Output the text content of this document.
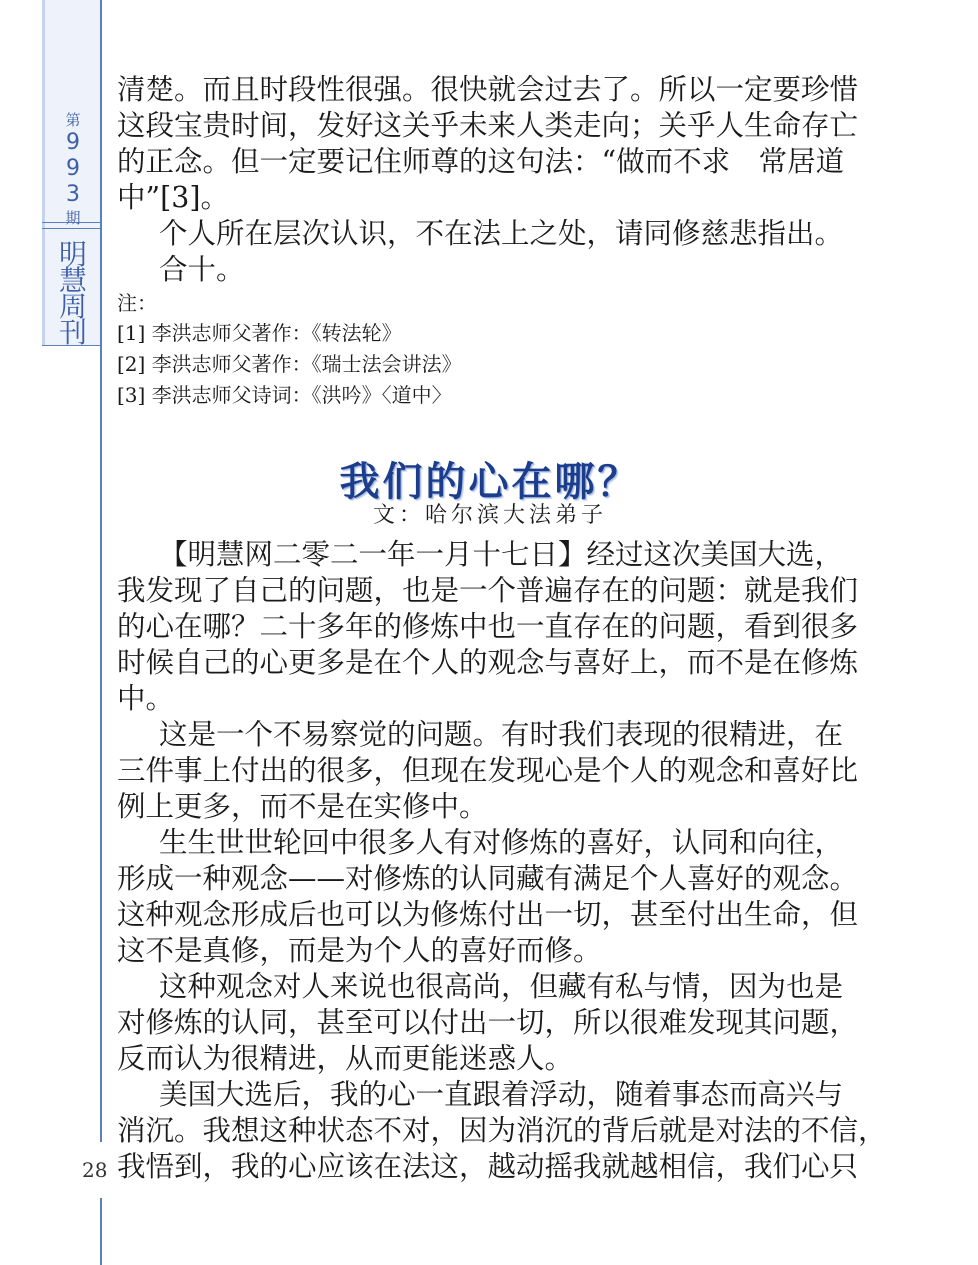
第
9
9
3
期
明
慧
周
刊
28

清楚。而且时段性很强。很快就会过去了。所以一定要珍惜

这段宝贵时间，发好这关乎未来人类走向；关乎人生命存亡

的正念。但一定要记住师尊的这句法：“做而不求　常居道

中”[3]。

个人所在层次认识，不在法上之处，请同修慈悲指出。

合十。

注：

[1] 李洪志师父著作：《转法轮》

[2] 李洪志师父著作：《瑞士法会讲法》

[3] 李洪志师父诗词：《洪吟》〈道中〉

我们的心在哪？
文：哈尔滨大法弟子

【明慧网二零二一年一月十七日】经过这次美国大选，

我发现了自己的问题，也是一个普遍存在的问题：就是我们

的心在哪？二十多年的修炼中也一直存在的问题，看到很多

时候自己的心更多是在个人的观念与喜好上，而不是在修炼

中。

这是一个不易察觉的问题。有时我们表现的很精进，在

三件事上付出的很多，但现在发现心是个人的观念和喜好比

例上更多，而不是在实修中。

生生世世轮回中很多人有对修炼的喜好，认同和向往，

形成一种观念——对修炼的认同藏有满足个人喜好的观念。

这种观念形成后也可以为修炼付出一切，甚至付出生命，但

这不是真修，而是为个人的喜好而修。

这种观念对人来说也很高尚，但藏有私与情，因为也是

对修炼的认同，甚至可以付出一切，所以很难发现其问题，

反而认为很精进，从而更能迷惑人。

美国大选后，我的心一直跟着浮动，随着事态而高兴与

消沉。我想这种状态不对，因为消沉的背后就是对法的不信，

我悟到，我的心应该在法这，越动摇我就越相信，我们心只
